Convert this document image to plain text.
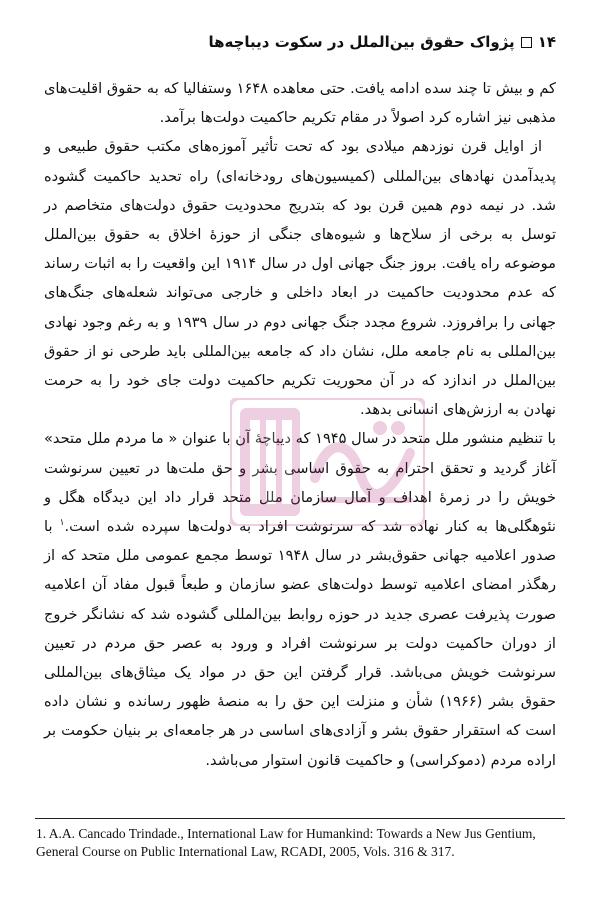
۱۴
پژواک حقوق بین‌الملل در سکوت دیباچه‌ها

کم و بیش تا چند سده ادامه یافت. حتی معاهده ۱۶۴۸ وستفالیا که به حقوق اقلیت‌های مذهبی نیز اشاره کرد اصولاً در مقام تکریم حاکمیت دولت‌ها برآمد.

از اوایل قرن نوزدهم میلادی بود که تحت تأثیر آموزه‌های مکتب حقوق طبیعی و پدیدآمدن نهادهای بین‌المللی (کمیسیون‌های رودخانه‌ای) راه تحدید حاکمیت گشوده شد. در نیمه دوم همین قرن بود که بتدریج محدودیت حقوق دولت‌های متخاصم در توسل به برخی از سلاح‌ها و شیوه‌های جنگی از حوزهٔ اخلاق به حقوق بین‌الملل موضوعه راه یافت. بروز جنگ جهانی اول در سال ۱۹۱۴ این واقعیت را به اثبات رساند که عدم محدودیت حاکمیت در ابعاد داخلی و خارجی می‌تواند شعله‌های جنگ‌های جهانی را برافروزد. شروع مجدد جنگ جهانی دوم در سال ۱۹۳۹ و به رغم وجود نهادی بین‌المللی به نام جامعه ملل، نشان داد که جامعه بین‌المللی باید طرحی نو از حقوق بین‌الملل در اندازد که در آن محوریت تکریم حاکمیت دولت جای خود را به حرمت نهادن به ارزش‌های انسانی بدهد.

با تنظیم منشور ملل متحد در سال ۱۹۴۵ که دیباچهٔ آن با عنوان « ما مردم ملل متحد» آغاز گردید و تحقق احترام به حقوق اساسی بشر و حق ملت‌ها در تعیین سرنوشت خویش را در زمرهٔ اهداف و آمال سازمان ملل متحد قرار داد این دیدگاه هگل و نئوهگلی‌ها به کنار نهاده شد که سرنوشت افراد به دولت‌ها سپرده شده است.$^۱$ با صدور اعلامیه جهانی حقوق‌بشر در سال ۱۹۴۸ توسط مجمع عمومی ملل متحد که از رهگذر امضای اعلامیه توسط دولت‌های عضو سازمان و طبعاً قبول مفاد آن اعلامیه صورت پذیرفت عصری جدید در حوزه روابط بین‌المللی گشوده شد که نشانگر خروج از دوران حاکمیت دولت بر سرنوشت افراد و ورود به عصر حق مردم در تعیین سرنوشت خویش می‌باشد. قرار گرفتن این حق در مواد یک میثاق‌های بین‌المللی حقوق بشر (۱۹۶۶) شأن و منزلت این حق را به منصهٔ ظهور رسانده و نشان داده است که استقرار حقوق بشر و آزادی‌های اساسی در هر جامعه‌ای بر بنیان حکومت بر اراده مردم (دموکراسی) و حاکمیت قانون استوار می‌باشد.

1. A.A. Cancado Trindade., International Law for Humankind: Towards a New Jus Gentium, General Course on Public International Law, RCADI, 2005, Vols. 316 & 317.
